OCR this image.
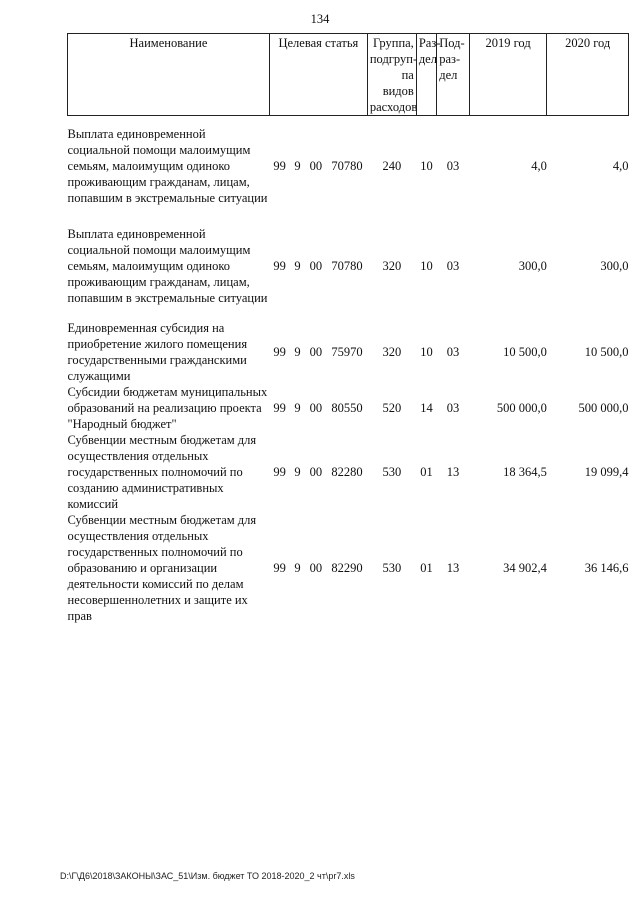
134
Наименование	Целевая статья				Группа, подгруп-па видов расходов	Раз-дел	Под-раз-дел	2019 год	2020 год

Выплата единовременной социальной помощи малоимущим семьям, малоимущим одиноко проживающим гражданам, лицам, попавшим в экстремальные ситуации	99	9	00	70780	240	10	03	4,0	4,0

Выплата единовременной социальной помощи малоимущим семьям, малоимущим одиноко проживающим гражданам, лицам, попавшим в экстремальные ситуации	99	9	00	70780	320	10	03	300,0	300,0

Единовременная субсидия на приобретение жилого помещения государственными гражданскими служащими	99	9	00	75970	320	10	03	10 500,0	10 500,0
Субсидии бюджетам муниципальных образований на реализацию проекта "Народный бюджет"	99	9	00	80550	520	14	03	500 000,0	500 000,0
Субвенции местным бюджетам для осуществления отдельных государственных полномочий по созданию административных комиссий	99	9	00	82280	530	01	13	18 364,5	19 099,4
Субвенции местным бюджетам для осуществления отдельных государственных полномочий по образованию и организации деятельности комиссий по делам несовершеннолетних и защите их прав	99	9	00	82290	530	01	13	34 902,4	36 146,6
D:\Г\Д6\2018\ЗАКОНЫ\ЗАС_51\Изм. бюджет ТО 2018-2020_2 чт\pr7.xls
